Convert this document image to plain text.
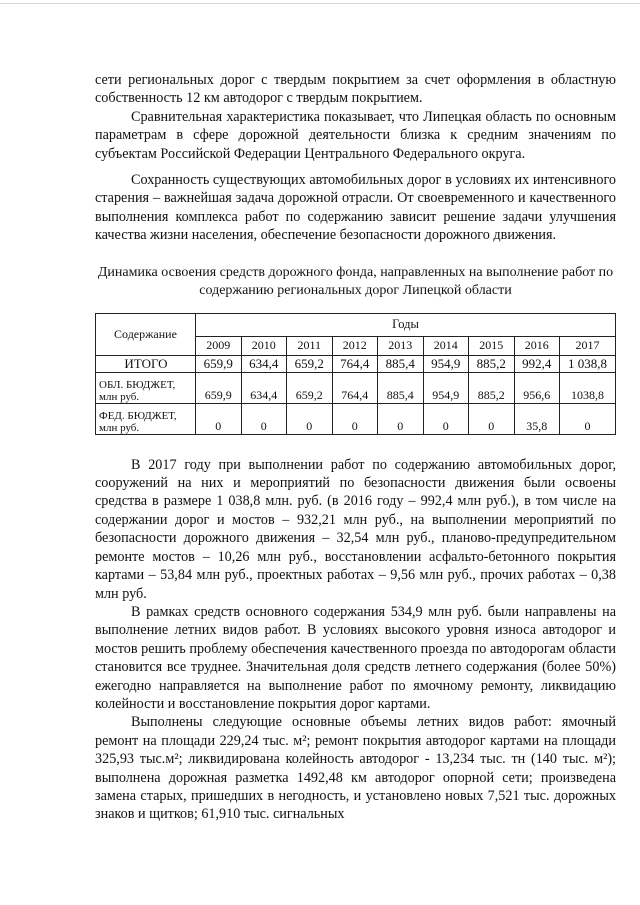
сети региональных дорог с твердым покрытием за счет оформления в областную собственность 12 км автодорог с твердым покрытием.

Сравнительная характеристика показывает, что Липецкая область по основным параметрам в сфере дорожной деятельности близка к средним значениям по субъектам Российской Федерации Центрального Федерального округа.

Сохранность существующих автомобильных дорог в условиях их интенсивного старения – важнейшая задача дорожной отрасли. От своевременного и качественного выполнения комплекса работ по содержанию зависит решение задачи улучшения качества жизни населения, обеспечение безопасности дорожного движения.

Динамика освоения средств дорожного фонда, направленных на выполнение работ по содержанию региональных дорог Липецкой области
Содержание	Годы								
	2009	2010	2011	2012	2013	2014	2015	2016	2017
ИТОГО	659,9	634,4	659,2	764,4	885,4	954,9	885,2	992,4	1 038,8
ОБЛ. БЮДЖЕТ, млн руб.	659,9	634,4	659,2	764,4	885,4	954,9	885,2	956,6	1038,8
ФЕД. БЮДЖЕТ, млн руб.	0	0	0	0	0	0	0	35,8	0

В 2017 году при выполнении работ по содержанию автомобильных дорог, сооружений на них и мероприятий по безопасности движения были освоены средства в размере 1 038,8 млн. руб. (в 2016 году – 992,4 млн руб.), в том числе на содержании дорог и мостов – 932,21 млн руб., на выполнении мероприятий по безопасности дорожного движения – 32,54 млн руб., планово-предупредительном ремонте мостов – 10,26 млн руб., восстановлении асфальто-бетонного покрытия картами – 53,84 млн руб., проектных работах – 9,56 млн руб., прочих работах – 0,38 млн руб.

В рамках средств основного содержания 534,9 млн руб. были направлены на выполнение летних видов работ. В условиях высокого уровня износа автодорог и мостов решить проблему обеспечения качественного проезда по автодорогам области становится все труднее. Значительная доля средств летнего содержания (более 50%) ежегодно направляется на выполнение работ по ямочному ремонту, ликвидацию колейности и восстановление покрытия дорог картами.

Выполнены следующие основные объемы летних видов работ: ямочный ремонт на площади 229,24 тыс. м²; ремонт покрытия автодорог картами на площади 325,93 тыс.м²; ликвидирована колейность автодорог - 13,234 тыс. тн (140 тыс. м²); выполнена дорожная разметка 1492,48 км автодорог опорной сети; произведена замена старых, пришедших в негодность, и установлено новых 7,521 тыс. дорожных знаков и щитков; 61,910 тыс. сигнальных
